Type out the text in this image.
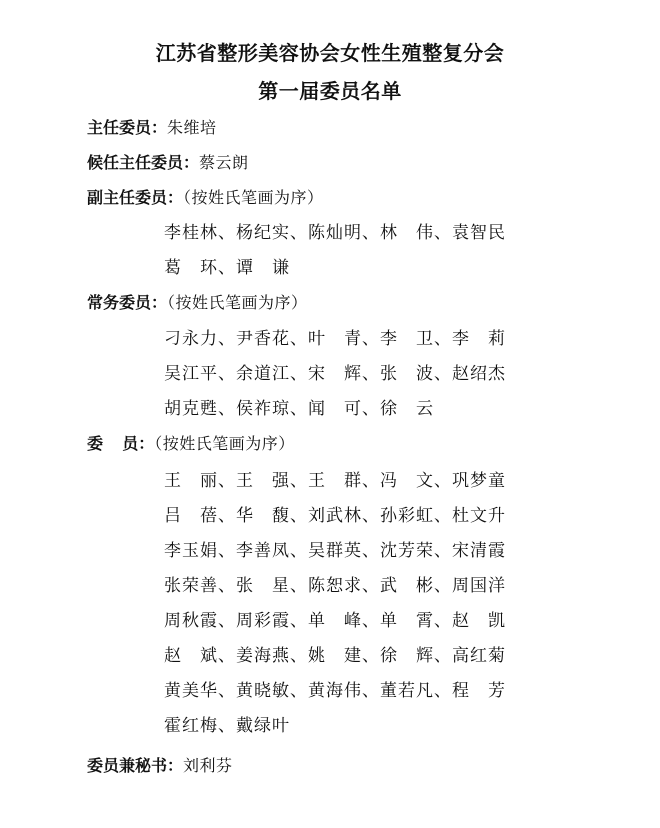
江苏省整形美容协会女性生殖整复分会
第一届委员名单
主任委员：朱维培
候任主任委员：蔡云朗
副主任委员：（按姓氏笔画为序）
李桂林、杨纪实、陈灿明、林　伟、袁智民
葛　环、谭　谦
常务委员：（按姓氏笔画为序）
刁永力、尹香花、叶　青、李　卫、李　莉
吴江平、余道江、宋　辉、张　波、赵绍杰
胡克甦、侯祚琼、闻　可、徐　云
委员：（按姓氏笔画为序）
王　丽、王　强、王　群、冯　文、巩梦童
吕　蓓、华　馥、刘武林、孙彩虹、杜文升
李玉娟、李善凤、吴群英、沈芳荣、宋清霞
张荣善、张　星、陈恕求、武　彬、周国洋
周秋霞、周彩霞、单　峰、单　霄、赵　凯
赵　斌、姜海燕、姚　建、徐　辉、高红菊
黄美华、黄晓敏、黄海伟、董若凡、程　芳
霍红梅、戴绿叶
委员兼秘书：刘利芬
